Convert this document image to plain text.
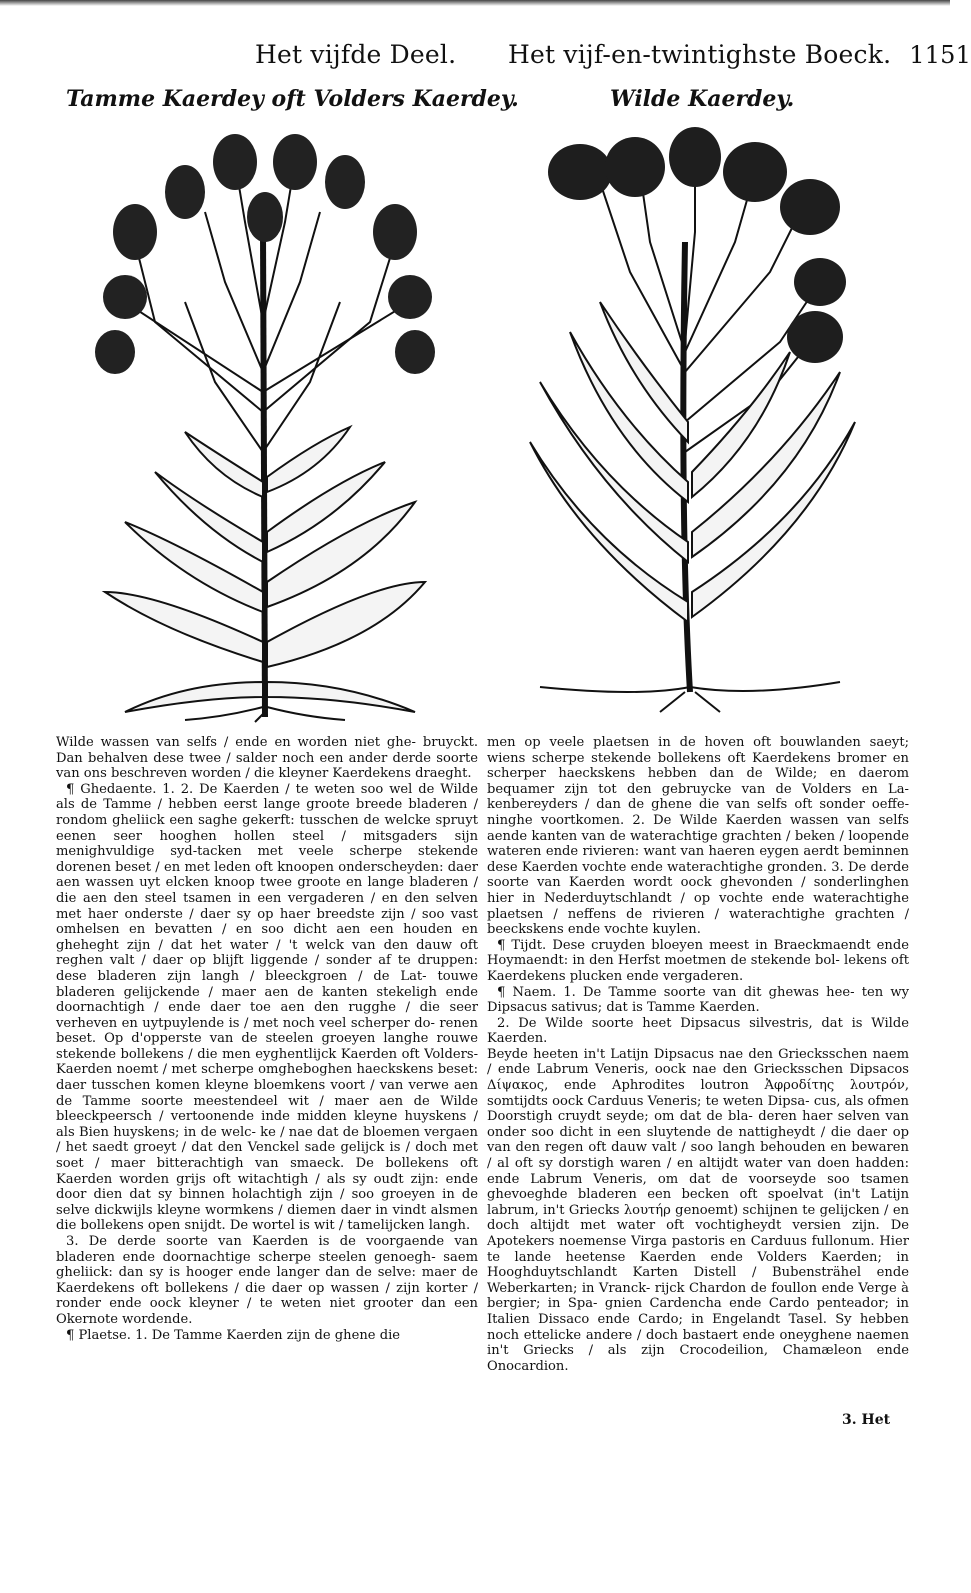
Het vijfde Deel. Het vijf-en-twintighste Boeck. 1151
Tamme Kaerdey oft Volders Kaerdey.	Wilde Kaerdey.

Wilde wassen van selfs / ende en worden niet ghe- bruyckt. Dan behalven dese twee / salder noch een ander derde soorte van ons beschreven worden / die kleyner Kaerdekens draeght.

¶ Ghedaente. 1. 2. De Kaerden / te weten soo wel de Wilde als de Tamme / hebben eerst lange groote breede bladeren / rondom gheliick een saghe gekerft: tusschen de welcke spruyt eenen seer hooghen hollen steel / mitsgaders sijn menighvuldige syd-tacken met veele scherpe stekende dorenen beset / en met leden oft knoopen onderscheyden: daer aen wassen uyt elcken knoop twee groote en lange bladeren / die aen den steel tsamen in een vergaderen / en den selven met haer onderste / daer sy op haer breedste zijn / soo vast omhelsen en bevatten / en soo dicht aen een houden en gheheght zijn / dat het water / 't welck van den dauw oft reghen valt / daer op blijft liggende / sonder af te druppen: dese bladeren zijn langh / bleeckgroen / de Lat- touwe bladeren gelijckende / maer aen de kanten stekeligh ende doornachtigh / ende daer toe aen den rugghe / die seer verheven en uytpuylende is / met noch veel scherper do- renen beset. Op d'opperste van de steelen groeyen langhe rouwe stekende bollekens / die men eyghentlijck Kaerden oft Volders-Kaerden noemt / met scherpe omgheboghen haeckskens beset: daer tusschen komen kleyne bloemkens voort / van verwe aen de Tamme soorte meestendeel wit / maer aen de Wilde bleeckpeersch / vertoonende inde midden kleyne huyskens / als Bien huyskens; in de welc- ke / nae dat de bloemen vergaen / het saedt groeyt / dat den Venckel sade gelijck is / doch met soet / maer bitterachtigh van smaeck. De bollekens oft Kaerden worden grijs oft witachtigh / als sy oudt zijn: ende door dien dat sy binnen holachtigh zijn / soo groeyen in de selve dickwijls kleyne wormkens / diemen daer in vindt alsmen die bollekens open snijdt. De wortel is wit / tamelijcken langh.

3. De derde soorte van Kaerden is de voorgaende van bladeren ende doornachtige scherpe steelen genoegh- saem gheliick: dan sy is hooger ende langer dan de selve: maer de Kaerdekens oft bollekens / die daer op wassen / zijn korter / ronder ende oock kleyner / te weten niet grooter dan een Okernote wordende.

¶ Plaetse. 1. De Tamme Kaerden zijn de ghene die

men op veele plaetsen in de hoven oft bouwlanden saeyt; wiens scherpe stekende bollekens oft Kaerdekens bromer en scherper haeckskens hebben dan de Wilde; en daerom bequamer zijn tot den gebruycke van de Volders en La- kenbereyders / dan de ghene die van selfs oft sonder oeffe- ninghe voortkomen. 2. De Wilde Kaerden wassen van selfs aende kanten van de waterachtige grachten / beken / loopende wateren ende rivieren: want van haeren eygen aerdt beminnen dese Kaerden vochte ende waterachtighe gronden. 3. De derde soorte van Kaerden wordt oock ghevonden / sonderlinghen hier in Nederduytschlandt / op vochte ende waterachtighe plaetsen / neffens de rivieren / waterachtighe grachten / beeckskens ende vochte kuylen.

¶ Tijdt. Dese cruyden bloeyen meest in Braeckmaendt ende Hoymaendt: in den Herfst moetmen de stekende bol- lekens oft Kaerdekens plucken ende vergaderen.

¶ Naem. 1. De Tamme soorte van dit ghewas hee- ten wy Dipsacus sativus; dat is Tamme Kaerden.

2. De Wilde soorte heet Dipsacus silvestris, dat is Wilde Kaerden.

Beyde heeten in't Latijn Dipsacus nae den Griecksschen naem / ende Labrum Veneris, oock nae den Griecksschen Dipsacos Δίψακος, ende Aphrodites loutron Ἀφροδίτης λουτρόν, somtijdts oock Carduus Veneris; te weten Dipsa- cus, als ofmen Doorstigh cruydt seyde; om dat de bla- deren haer selven van onder soo dicht in een sluytende de nattigheydt / die daer op van den regen oft dauw valt / soo langh behouden en bewaren / al oft sy dorstigh waren / en altijdt water van doen hadden: ende Labrum Veneris, om dat de voorseyde soo tsamen ghevoeghde bladeren een becken oft spoelvat (in't Latijn labrum, in't Griecks λουτήρ genoemt) schijnen te gelijcken / en doch altijdt met water oft vochtigheydt versien zijn. De Apotekers noemense Virga pastoris en Carduus fullonum. Hier te lande heetense Kaerden ende Volders Kaerden; in Hooghduytschlandt Karten Distell / Bubensträhel ende Weberkarten; in Vranck- rijck Chardon de foullon ende Verge à bergier; in Spa- gnien Cardencha ende Cardo penteador; in Italien Dissaco ende Cardo; in Engelandt Tasel. Sy hebben noch ettelicke andere / doch bastaert ende oneyghene naemen in't Griecks / als zijn Crocodeilion, Chamæleon ende Onocardion.

3. Het
